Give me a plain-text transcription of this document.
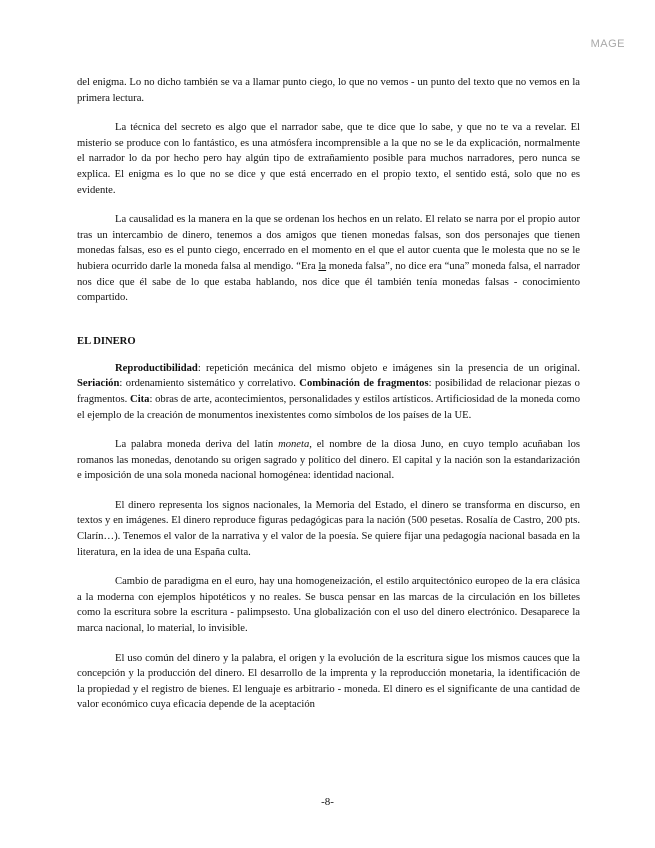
MAGE

del enigma. Lo no dicho también se va a llamar punto ciego, lo que no vemos - un punto del texto que no vemos en la primera lectura.

La técnica del secreto es algo que el narrador sabe, que te dice que lo sabe, y que no te va a revelar. El misterio se produce con lo fantástico, es una atmósfera incomprensible a la que no se le da explicación, normalmente el narrador lo da por hecho pero hay algún tipo de extrañamiento posible para muchos narradores, pero nunca se explica. El enigma es lo que no se dice y que está encerrado en el propio texto, el sentido está, solo que no es evidente.

La causalidad es la manera en la que se ordenan los hechos en un relato. El relato se narra por el propio autor tras un intercambio de dinero, tenemos a dos amigos que tienen monedas falsas, son dos personajes que tienen monedas falsas, eso es el punto ciego, encerrado en el momento en el que el autor cuenta que le molesta que no se le hubiera ocurrido darle la moneda falsa al mendigo. “Era la moneda falsa”, no dice era “una” moneda falsa, el narrador nos dice que él sabe de lo que estaba hablando, nos dice que él también tenía monedas falsas - conocimiento compartido.

EL DINERO

Reproductibilidad: repetición mecánica del mismo objeto e imágenes sin la presencia de un original. Seriación: ordenamiento sistemático y correlativo. Combinación de fragmentos: posibilidad de relacionar piezas o fragmentos. Cita: obras de arte, acontecimientos, personalidades y estilos artísticos. Artificiosidad de la moneda como el ejemplo de la creación de monumentos inexistentes como símbolos de los países de la UE.

La palabra moneda deriva del latín moneta, el nombre de la diosa Juno, en cuyo templo acuñaban los romanos las monedas, denotando su origen sagrado y político del dinero. El capital y la nación son la estandarización e imposición de una sola moneda nacional homogénea: identidad nacional.

El dinero representa los signos nacionales, la Memoria del Estado, el dinero se transforma en discurso, en textos y en imágenes. El dinero reproduce figuras pedagógicas para la nación (500 pesetas. Rosalía de Castro, 200 pts. Clarín…). Tenemos el valor de la narrativa y el valor de la poesía. Se quiere fijar una pedagogía nacional basada en la literatura, en la idea de una España culta.

Cambio de paradigma en el euro, hay una homogeneización, el estilo arquitectónico europeo de la era clásica a la moderna con ejemplos hipotéticos y no reales. Se busca pensar en las marcas de la circulación en los billetes como la escritura sobre la escritura - palimpsesto. Una globalización con el uso del dinero electrónico. Desaparece la marca nacional, lo material, lo invisible.

El uso común del dinero y la palabra, el origen y la evolución de la escritura sigue los mismos cauces que la concepción y la producción del dinero. El desarrollo de la imprenta y la reproducción monetaria, la identificación de la propiedad y el registro de bienes. El lenguaje es arbitrario - moneda. El dinero es el significante de una cantidad de valor económico cuya eficacia depende de la aceptación

-8-
